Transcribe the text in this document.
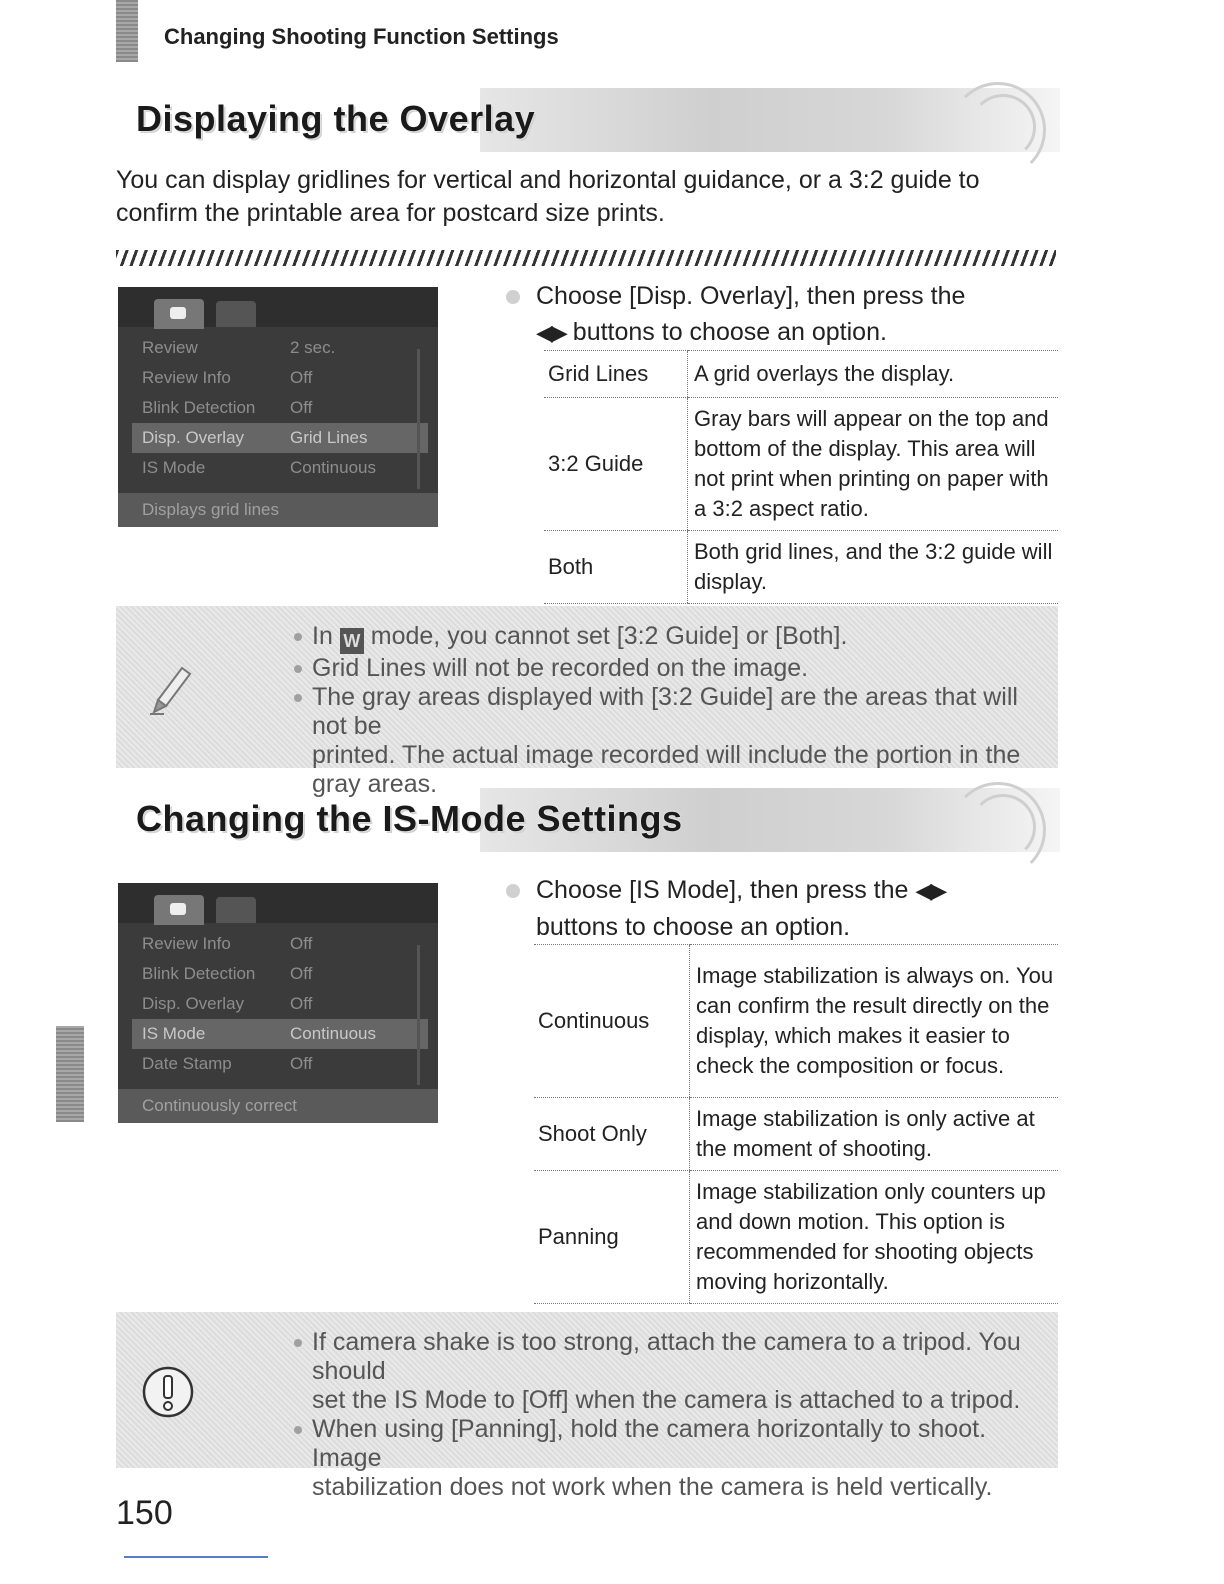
Changing Shooting Function Settings
Displaying the Overlay
You can display gridlines for vertical and horizontal guidance, or a 3:2 guide to confirm the printable area for postcard size prints.
Review	2 sec.
Review Info	Off
Blink Detection Off
Disp. Overlay	Grid Lines
IS Mode	Continuous
Displays grid lines
Choose [Disp. Overlay], then press the
◀▶ buttons to choose an option.
Grid Lines	A grid overlays the display.
3:2 Guide	Gray bars will appear on the top and bottom of the display. This area will not print when printing on paper with a 3:2 aspect ratio.
Both	Both grid lines, and the 3:2 guide will display.
In W mode, you cannot set [3:2 Guide] or [Both].
Grid Lines will not be recorded on the image.
The gray areas displayed with [3:2 Guide] are the areas that will not be
printed. The actual image recorded will include the portion in the gray areas.
Changing the IS-Mode Settings
Review Info	Off
Blink Detection Off
Disp. Overlay	Off
IS Mode	Continuous
Date Stamp	Off
Continuously correct
Choose [IS Mode], then press the ◀▶
buttons to choose an option.
Continuous	Image stabilization is always on. You can confirm the result directly on the display, which makes it easier to check the composition or focus.
Shoot Only	Image stabilization is only active at the moment of shooting.
Panning	Image stabilization only counters up and down motion. This option is recommended for shooting objects moving horizontally.
If camera shake is too strong, attach the camera to a tripod. You should
set the IS Mode to [Off] when the camera is attached to a tripod.
When using [Panning], hold the camera horizontally to shoot. Image
stabilization does not work when the camera is held vertically.
150
